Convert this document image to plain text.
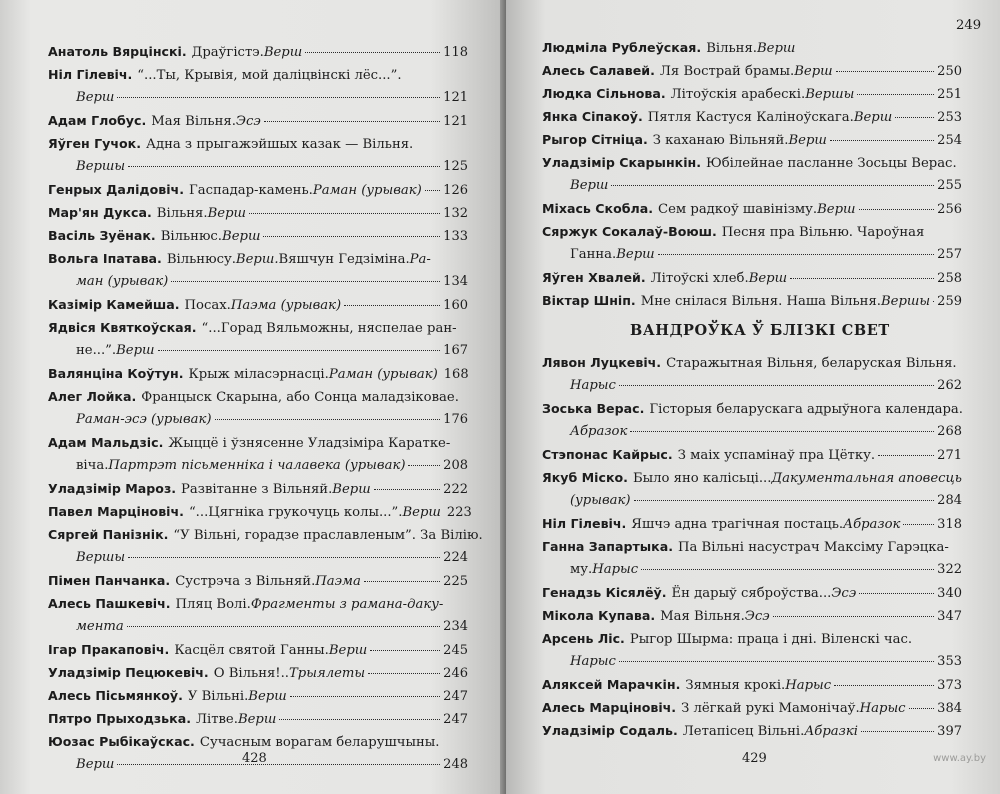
Анатоль Вярцінскі. Драўгістэ. Верш	118
Ніл Гілевіч. “...Ты, Крывія, мой даліцвінскі лёс...”.
Верш	121
Адам Глобус. Мая Вільня. Эсэ	121
Яўген Гучок. Адна з прыгажэйшых казак — Вільня.
Вершы	125
Генрых Далідовіч. Гаспадар-камень. Раман (урывак) 126
Мар'ян Дукса. Вільня. Верш	132
Васіль Зуёнак. Вільнюс. Верш	133
Вольга Іпатава. Вільнюсу. Верш. Вяшчун Гедзіміна. Ра-
ман (урывак)	134
Казімір Камейша. Посах. Паэма (урывак)	160
Ядвіся Квяткоўская. “...Горад Вяльможны, няспелае ран-
не...”. Верш	167
Валянціна Коўтун. Крыж міласэрнасці. Раман (урывак) 168
Алег Лойка. Францыск Скарына, або Сонца маладзіковае.
Раман-эсэ (урывак)	176
Адам Мальдзіс. Жыццё і ўзнясенне Уладзіміра Караткe-
віча. Партрэт пісьменніка і чалавека (урывак)	208
Уладзімір Мароз. Развітанне з Вільняй. Верш	222
Павел Марціновіч. “...Цягніка грукочуць колы...”. Верш 223
Сяргей Панізнік. “У Вільні, горадзе праславленым”. За Вілію.
Вершы	224
Пімен Панчанка. Сустрэча з Вільняй. Паэма	225
Алесь Пашкевіч. Пляц Волі. Фрагменты з рамана-даку-
мента	234
Ігар Пракаповіч. Касцёл святой Ганны. Верш	245
Уладзімір Пецюкевіч. О Вільня!.. Трыялеты	246
Алесь Пісьмянкоў. У Вільні. Верш	247
Пятро Прыходзька. Літве. Верш	247
Юозас Рыбікаўскас. Сучасным ворагам беларушчыны.
Верш	248
428
249
Людміла Рублеўская. Вільня. Верш
Алесь Салавей. Ля Вострай брамы. Верш	250
Людка Сільнова. Літоўскія арабескі. Вершы	251
Янка Сіпакоў. Пятля Кастуся Каліноўскага. Верш	253
Рыгор Сітніца. З каханаю Вільняй. Верш	254
Уладзімір Скарынкін. Юбілейнае пасланне Зосьцы Верас.
Верш	255
Міхась Скобла. Сем радкоў шавінізму. Верш	256
Сяржук Сокалаў-Воюш. Песня пра Вільню. Чароўная
Ганна. Верш	257
Яўген Хвалей. Літоўскі хлеб. Верш	258
Віктар Шніп. Мне снілася Вільня. Наша Вільня. Вершы 259
Лявон Луцкевіч. Старажытная Вільня, беларуская Вільня.
Нарыс	262
Зоська Верас. Гісторыя беларускага адрыўнога календара.
Абразок	268
Стэпонас Кайрыс. З маіх успамінаў пра Цётку.	271
Якуб Міско. Было яно калісьці... Дакументальная аповесць
(урывак)	284
Ніл Гілевіч. Яшчэ адна трагічная постаць. Абразок	318
Ганна Запартыка. Па Вільні насустрач Максіму Гарэцка-
му. Нарыс	322
Генадзь Кісялёў. Ён дарыў сяброўства... Эсэ	340
Мікола Купава. Мая Вільня. Эсэ	347
Арсень Ліс. Рыгор Шырма: праца і дні. Віленскі час.
Нарыс	353
Аляксей Марачкін. Зямныя крокі. Нарыс	373
Алесь Марціновіч. З лёгкай рукі Мамонічаў. Нарыс 384
Уладзімір Содаль. Летапісец Вільні. Абразкі	397
429	www.ay.by
ВАНДРОЎКА Ў БЛІЗКІ СВЕТ
